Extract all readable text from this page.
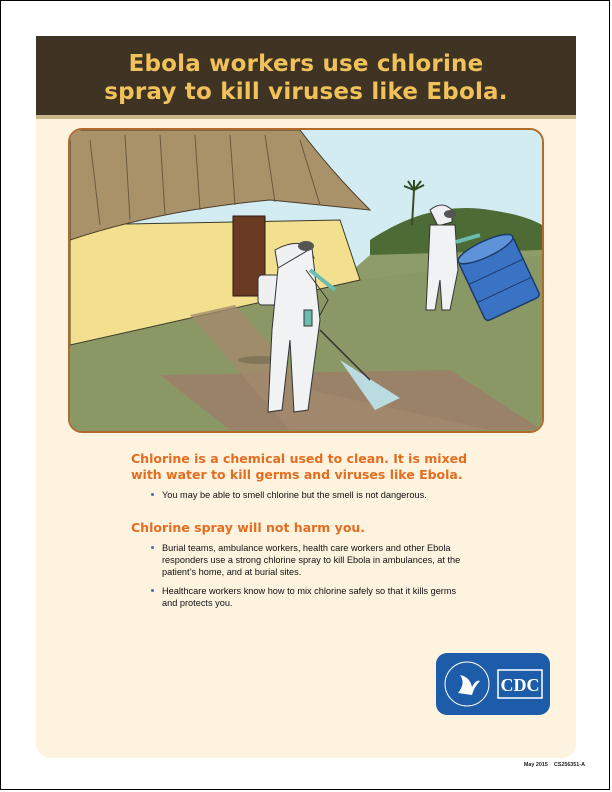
Ebola workers use chlorine
spray to kill viruses like Ebola.
Chlorine is a chemical used to clean. It is mixed with water to kill germs and viruses like Ebola.
You may be able to smell chlorine but the smell is not dangerous.
Chlorine spray will not harm you.
Burial teams, ambulance workers, health care workers and other Ebola responders use a strong chlorine spray to kill Ebola in ambulances, at the patient’s home, and at burial sites.
Healthcare workers know how to mix chlorine safely so that it kills germs and protects you.
CDC
May 2015 CS256351-A
